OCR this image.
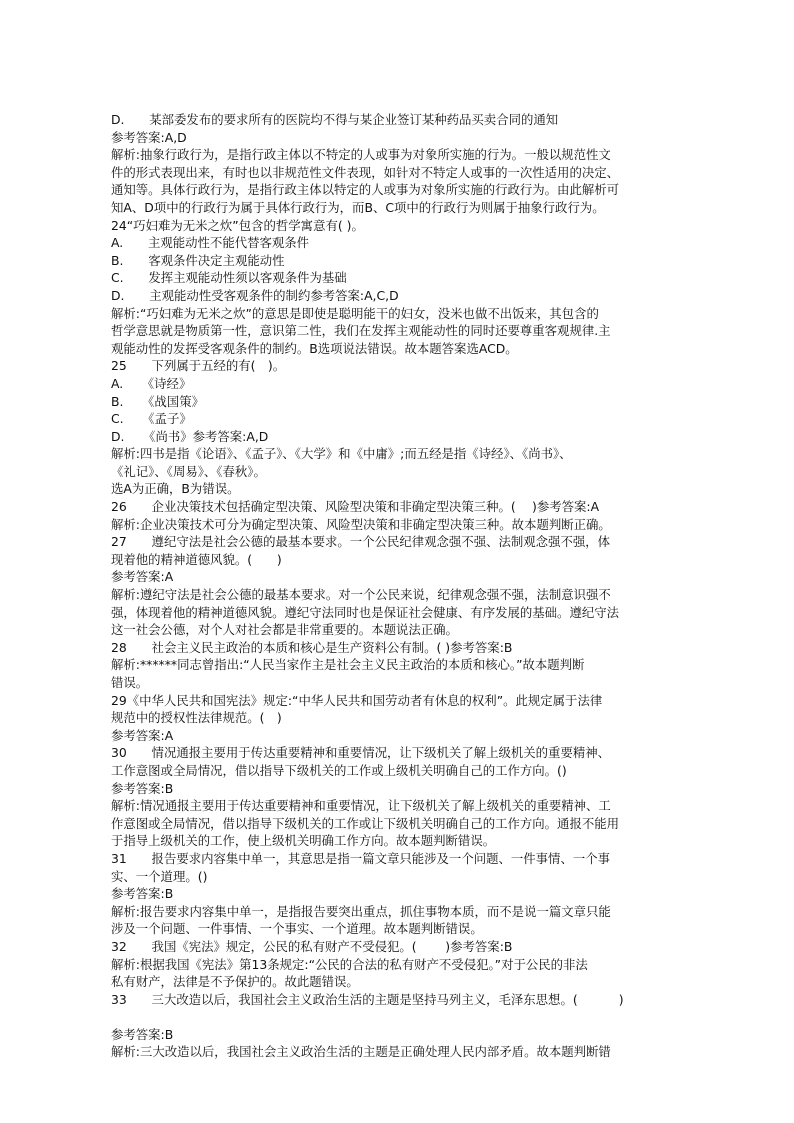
D.　　某部委发布的要求所有的医院均不得与某企业签订某种药品买卖合同的通知
参考答案:A,D
解析:抽象行政行为，是指行政主体以不特定的人或事为对象所实施的行为。一般以规范性文
件的形式表现出来，有时也以非规范性文件表现，如针对不特定人或事的一次性适用的决定、
通知等。具体行政行为，是指行政主体以特定的人或事为对象所实施的行政行为。由此解析可
知A、D项中的行政行为属于具体行政行为，而B、C项中的行政行为则属于抽象行政行为。
24“巧妇难为无米之炊”包含的哲学寓意有( )。
A.　　主观能动性不能代替客观条件
B.　　客观条件决定主观能动性
C.　　发挥主观能动性须以客观条件为基础
D.　　主观能动性受客观条件的制约参考答案:A,C,D
解析:“巧妇难为无米之炊”的意思是即使是聪明能干的妇女，没米也做不出饭来，其包含的
哲学意思就是物质第一性，意识第二性，我们在发挥主观能动性的同时还要尊重客观规律.主
观能动性的发挥受客观条件的制约。B选项说法错误。故本题答案选ACD。
25　　下列属于五经的有(　)。
A.　　《诗经》
B.　　《战国策》
C.　　《孟子》
D.　　《尚书》参考答案:A,D
解析:四书是指《论语》、《孟子》、《大学》和《中庸》;而五经是指《诗经》、《尚书》、
《礼记》、《周易》、《春秋》。
选A为正确，B为错误。
26　　企业决策技术包括确定型决策、风险型决策和非确定型决策三种。(　 )参考答案:A
解析:企业决策技术可分为确定型决策、风险型决策和非确定型决策三种。故本题判断正确。
27　　遵纪守法是社会公德的最基本要求。一个公民纪律观念强不强、法制观念强不强，体
现着他的精神道德风貌。(　　)
参考答案:A
解析:遵纪守法是社会公德的最基本要求。对一个公民来说，纪律观念强不强，法制意识强不
强，体现着他的精神道德风貌。遵纪守法同时也是保证社会健康、有序发展的基础。遵纪守法
这一社会公德，对个人对社会都是非常重要的。本题说法正确。
28　　社会主义民主政治的本质和核心是生产资料公有制。( )参考答案:B
解析:******同志曾指出:“人民当家作主是社会主义民主政治的本质和核心。”故本题判断
错误。
29《中华人民共和国宪法》规定:“中华人民共和国劳动者有休息的权利”。此规定属于法律
规范中的授权性法律规范。(　)
参考答案:A
30　　情况通报主要用于传达重要精神和重要情况，让下级机关了解上级机关的重要精神、
工作意图或全局情况，借以指导下级机关的工作或上级机关明确自己的工作方向。()
参考答案:B
解析:情况通报主要用于传达重要精神和重要情况，让下级机关了解上级机关的重要精神、工
作意图或全局情况，借以指导下级机关的工作或让下级机关明确自己的工作方向。通报不能用
于指导上级机关的工作，使上级机关明确工作方向。故本题判断错误。
31　　报告要求内容集中单一，其意思是指一篇文章只能涉及一个问题、一件事情、一个事
实、一个道理。()
参考答案:B
解析:报告要求内容集中单一，是指报告要突出重点，抓住事物本质，而不是说一篇文章只能
涉及一个问题、一件事情、一个事实、一个道理。故本题判断错误。
32　　我国《宪法》规定，公民的私有财产不受侵犯。(　　 )参考答案:B
解析:根据我国《宪法》第13条规定:“公民的合法的私有财产不受侵犯。”对于公民的非法
私有财产，法律是不予保护的。故此题错误。
33　　三大改造以后，我国社会主义政治生活的主题是坚持马列主义，毛泽东思想。(　　　 )
参考答案:B
解析:三大改造以后，我国社会主义政治生活的主题是正确处理人民内部矛盾。故本题判断错
